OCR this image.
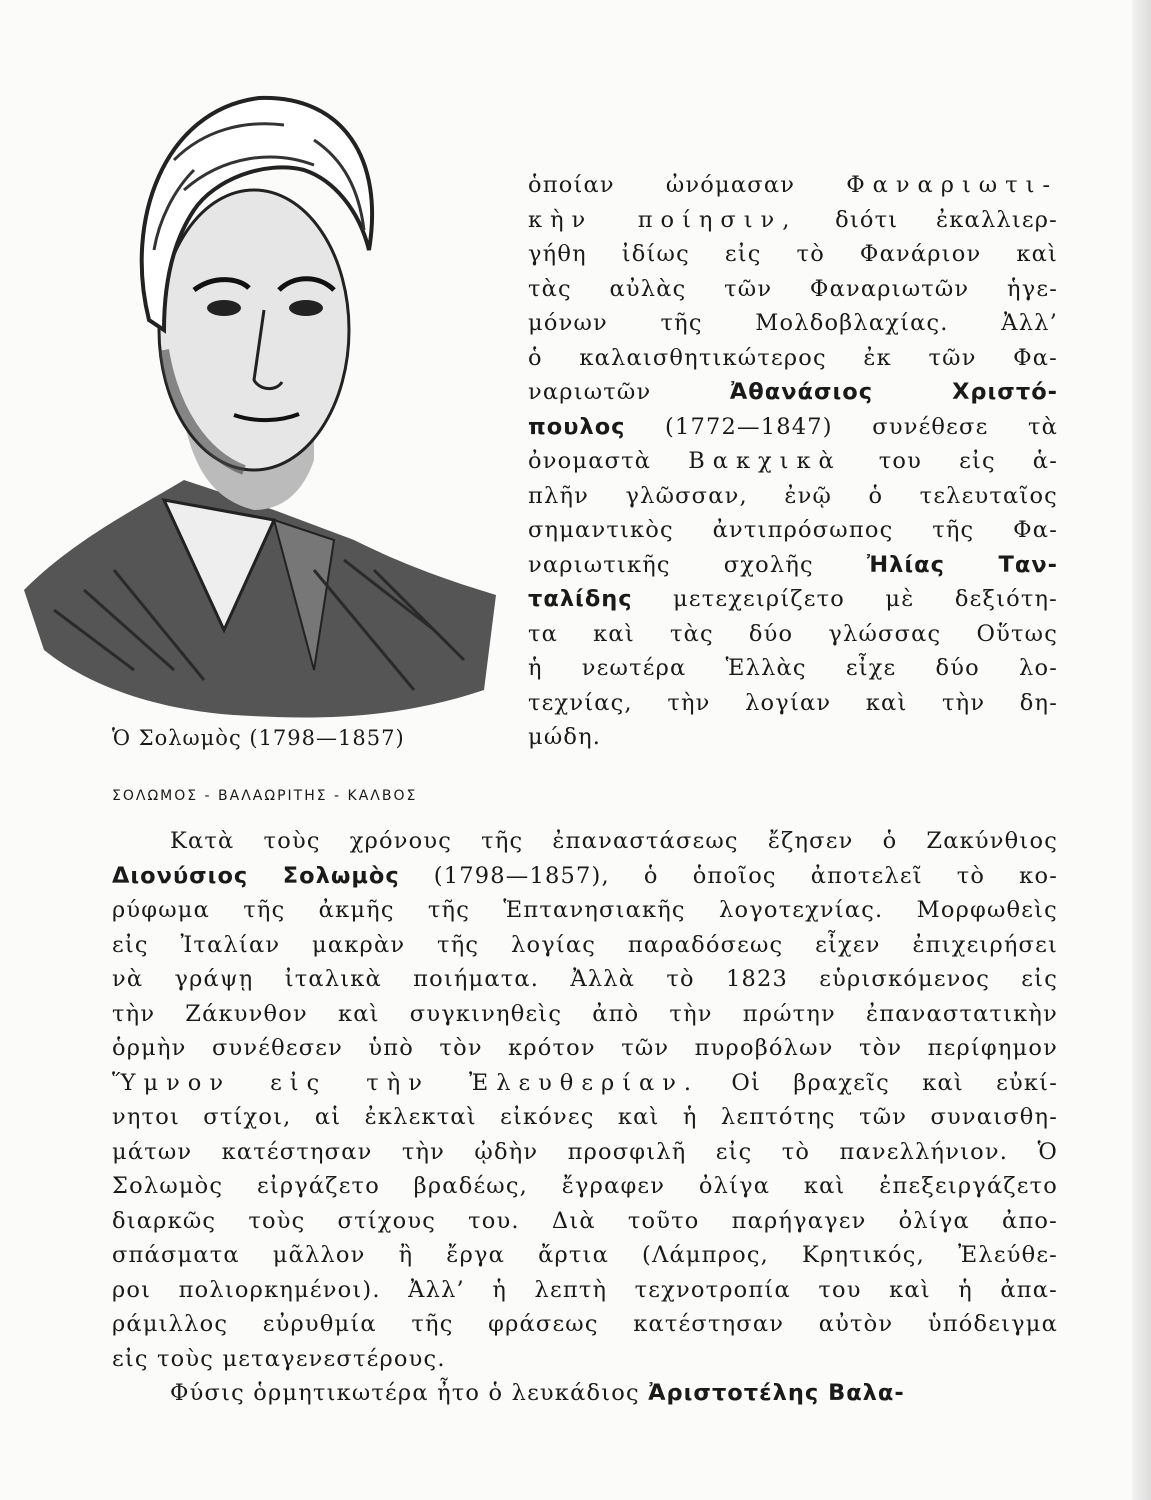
Ὁ Σολωμὸς (1798—1857)
ΣΟΛΩΜΟΣ - ΒΑΛΑΩΡΙΤΗΣ - ΚΑΛΒΟΣ
ὁποίαν ὠνόμασαν Φαναριωτι-
κὴν ποίησιν, διότι ἐκαλλιερ-
γήθη ἰδίως εἰς τὸ Φανάριον καὶ
τὰς αὐλὰς τῶν Φαναριωτῶν ἡγε-
μόνων τῆς Μολδοβλαχίας. Ἀλλ’
ὁ καλαισθητικώτερος ἐκ τῶν Φα-
ναριωτῶν Ἀθανάσιος Χριστό-
πουλος (1772—1847) συνέθεσε τὰ
ὀνομαστὰ Βακχικὰ του εἰς ἁ-
πλῆν γλῶσσαν, ἐνῷ ὁ τελευταῖος
σημαντικὸς ἀντιπρόσωπος τῆς Φα-
ναριωτικῆς σχολῆς Ἠλίας Ταν-
ταλίδης μετεχειρίζετο μὲ δεξιότη-
τα καὶ τὰς δύο γλώσσας Οὕτως
ἡ νεωτέρα Ἑλλὰς εἶχε δύο λο-
τεχνίας, τὴν λογίαν καὶ τὴν δη-
μώδη.
Κατὰ τοὺς χρόνους τῆς ἐπαναστάσεως ἔζησεν ὁ Ζακύνθιος
Διονύσιος Σολωμὸς (1798—1857), ὁ ὁποῖος ἀποτελεῖ τὸ κο-
ρύφωμα τῆς ἀκμῆς τῆς Ἑπτανησιακῆς λογοτεχνίας. Μορφωθεὶς
εἰς Ἰταλίαν μακρὰν τῆς λογίας παραδόσεως εἶχεν ἐπιχειρήσει
νὰ γράψῃ ἰταλικὰ ποιήματα. Ἀλλὰ τὸ 1823 εὑρισκόμενος εἰς
τὴν Ζάκυνθον καὶ συγκινηθεὶς ἀπὸ τὴν πρώτην ἐπαναστατικὴν
ὁρμὴν συνέθεσεν ὑπὸ τὸν κρότον τῶν πυροβόλων τὸν περίφημον
Ὕμνον εἰς τὴν Ἐλευθερίαν. Οἱ βραχεῖς καὶ εὐκί-
νητοι στίχοι, αἱ ἐκλεκταὶ εἰκόνες καὶ ἡ λεπτότης τῶν συναισθη-
μάτων κατέστησαν τὴν ᾠδὴν προσφιλῆ εἰς τὸ πανελλήνιον. Ὁ
Σολωμὸς εἰργάζετο βραδέως, ἔγραφεν ὀλίγα καὶ ἐπεξειργάζετο
διαρκῶς τοὺς στίχους του. Διὰ τοῦτο παρήγαγεν ὀλίγα ἀπο-
σπάσματα μᾶλλον ἢ ἔργα ἄρτια (Λάμπρος, Κρητικός, Ἐλεύθε-
ροι πολιορκημένοι). Ἀλλ’ ἡ λεπτὴ τεχνοτροπία του καὶ ἡ ἀπα-
ράμιλλος εὐρυθμία τῆς φράσεως κατέστησαν αὐτὸν ὑπόδειγμα
εἰς τοὺς μεταγενεστέρους.
Φύσις ὁρμητικωτέρα ἦτο ὁ λευκάδιος Ἀριστοτέλης Βαλα-
